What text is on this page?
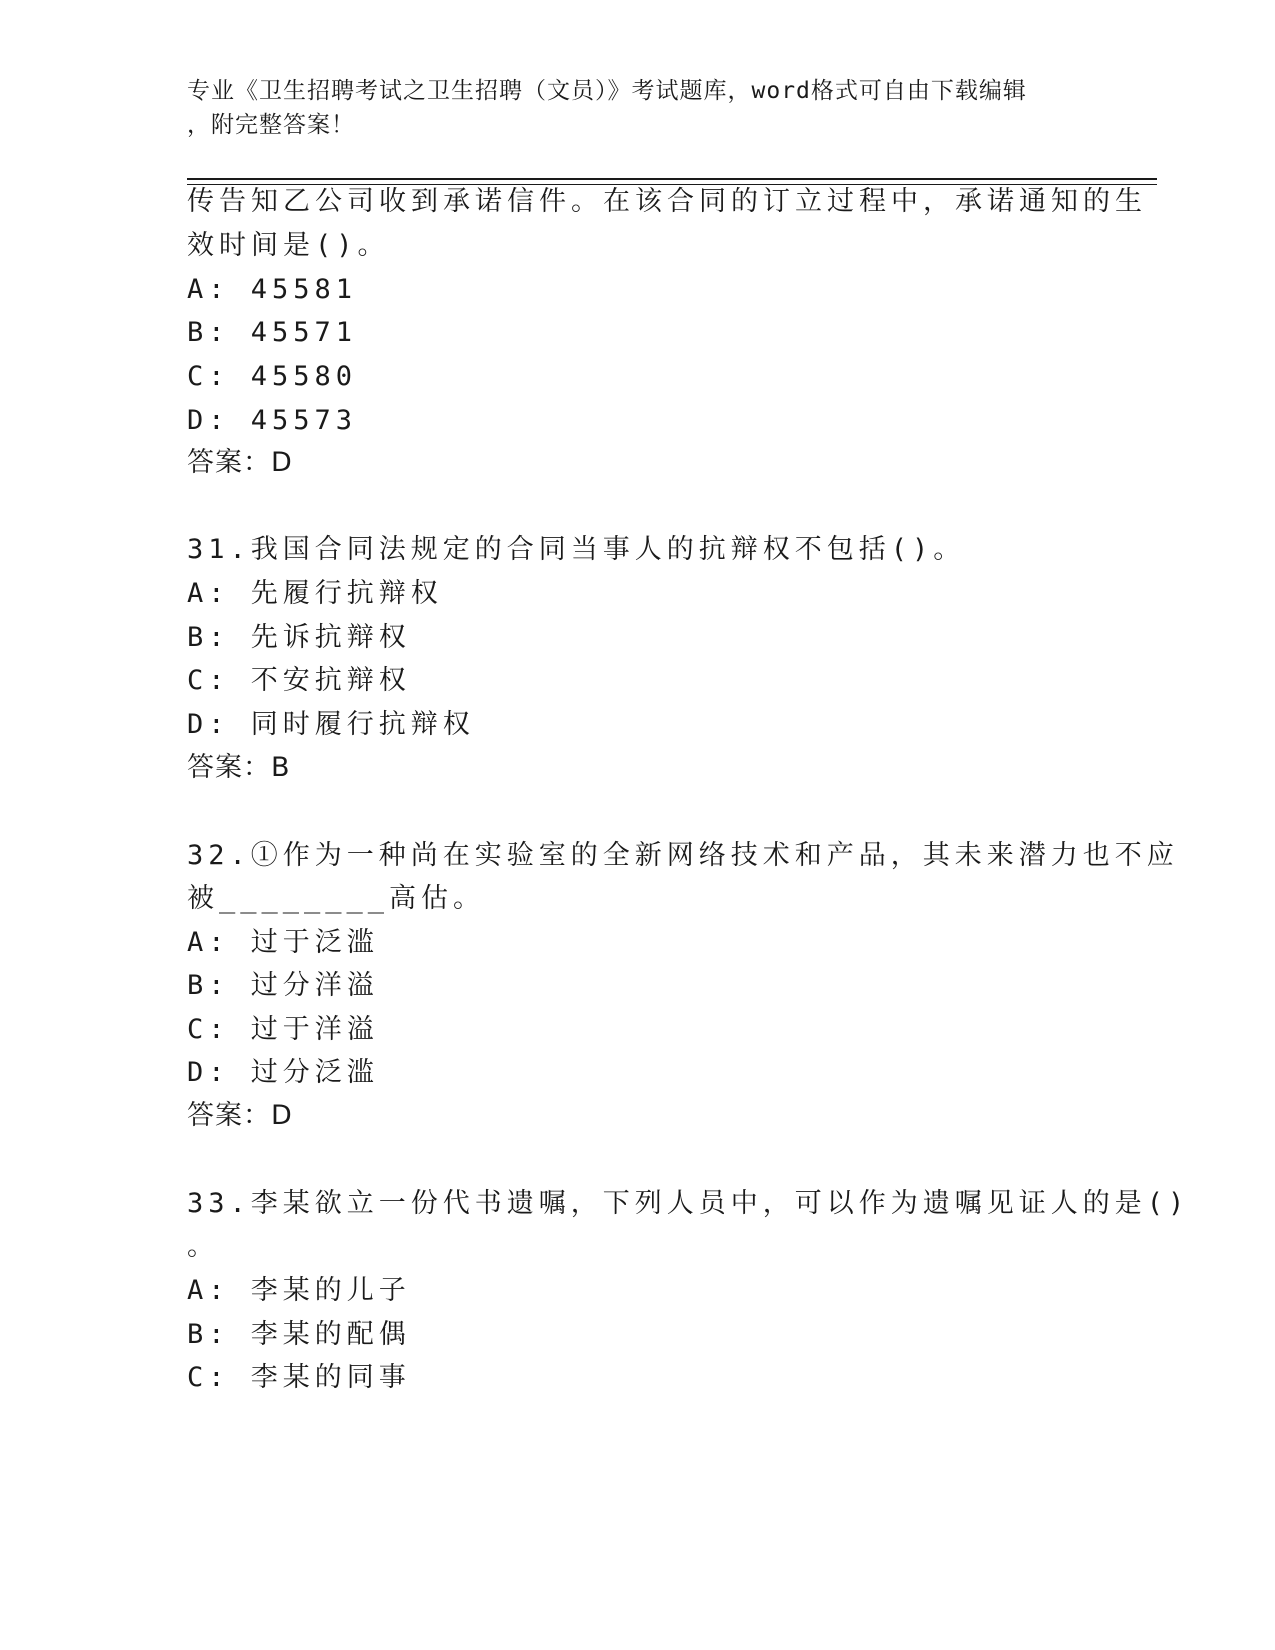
专业《卫生招聘考试之卫生招聘（文员）》考试题库，word格式可自由下载编辑
，附完整答案！
传告知乙公司收到承诺信件。在该合同的订立过程中，承诺通知的生
效时间是()。
A: 45581
B: 45571
C: 45580
D: 45573
答案：D
31.我国合同法规定的合同当事人的抗辩权不包括()。
A: 先履行抗辩权
B: 先诉抗辩权
C: 不安抗辩权
D: 同时履行抗辩权
答案：B
32.①作为一种尚在实验室的全新网络技术和产品，其未来潜力也不应
被________高估。
A: 过于泛滥
B: 过分洋溢
C: 过于洋溢
D: 过分泛滥
答案：D
33.李某欲立一份代书遗嘱，下列人员中，可以作为遗嘱见证人的是()
。
A: 李某的儿子
B: 李某的配偶
C: 李某的同事
